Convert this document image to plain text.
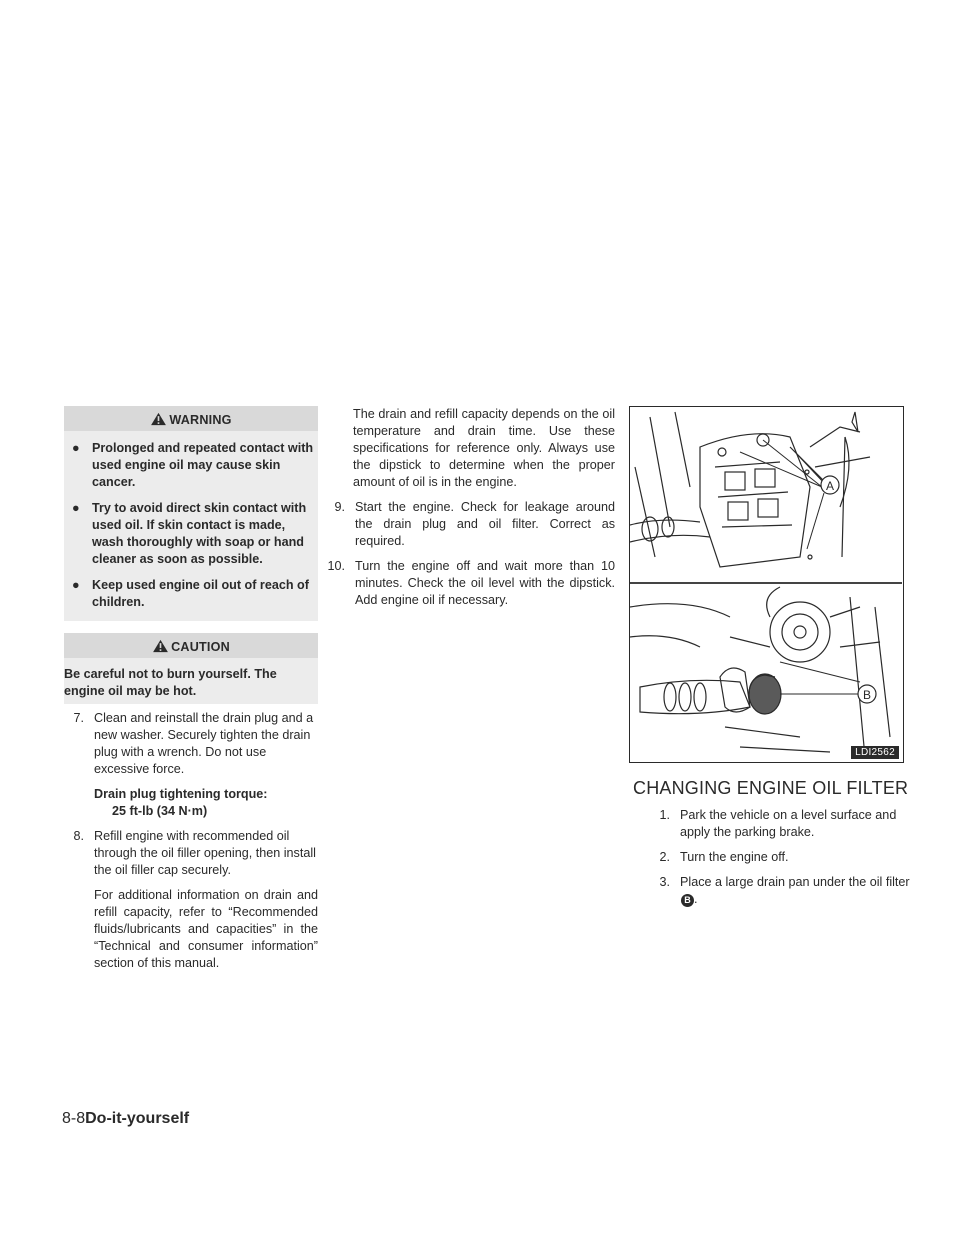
WARNING
● Prolonged and repeated contact with used engine oil may cause skin cancer.
● Try to avoid direct skin contact with used oil. If skin contact is made, wash thoroughly with soap or hand cleaner as soon as possible.
● Keep used engine oil out of reach of children.
CAUTION
Be careful not to burn yourself. The engine oil may be hot.
7. Clean and reinstall the drain plug and a new washer. Securely tighten the drain plug with a wrench. Do not use excessive force.
Drain plug tightening torque:
25 ft-lb (34 N·m)
8. Refill engine with recommended oil through the oil filler opening, then install the oil filler cap securely.
For additional information on drain and refill capacity, refer to “Recommended fluids/lubricants and capacities” in the “Technical and consumer information” section of this manual.
The drain and refill capacity depends on the oil temperature and drain time. Use these specifications for reference only. Always use the dipstick to determine when the proper amount of oil is in the engine.
9. Start the engine. Check for leakage around the drain plug and oil filter. Correct as required.
10. Turn the engine off and wait more than 10 minutes. Check the oil level with the dipstick. Add engine oil if necessary.
A
B
LDI2562
CHANGING ENGINE OIL FILTER
1. Park the vehicle on a level surface and apply the parking brake.
2. Turn the engine off.
3. Place a large drain pan under the oil filterB .
8-8Do-it-yourself
